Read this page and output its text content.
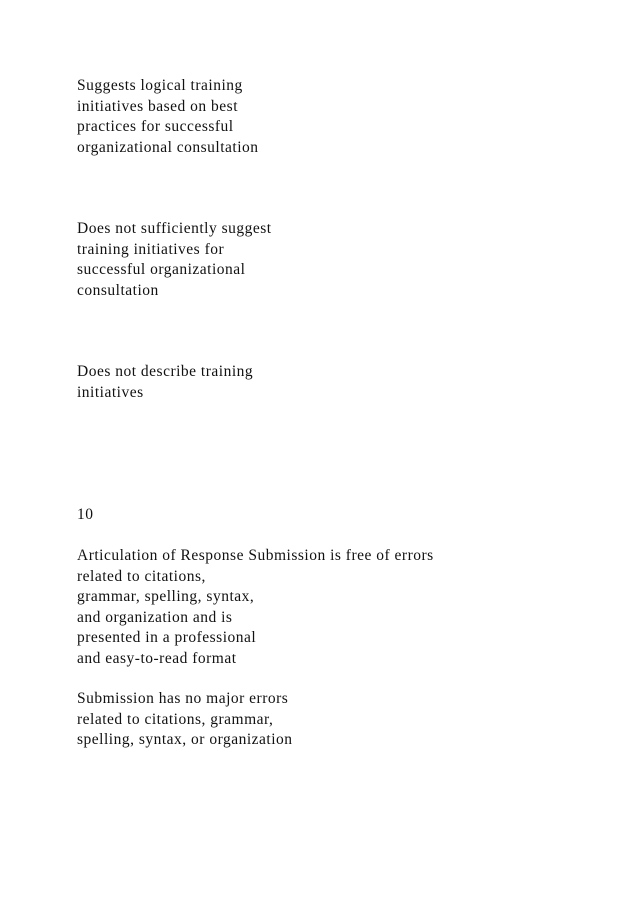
Suggests logical training
initiatives based on best
practices for successful
organizational consultation
Does not sufficiently suggest
training initiatives for
successful organizational
consultation
Does not describe training
initiatives
10
Articulation of Response Submission is free of errors
related to citations,
grammar, spelling, syntax,
and organization and is
presented in a professional
and easy-to-read format
Submission has no major errors
related to citations, grammar,
spelling, syntax, or organization
